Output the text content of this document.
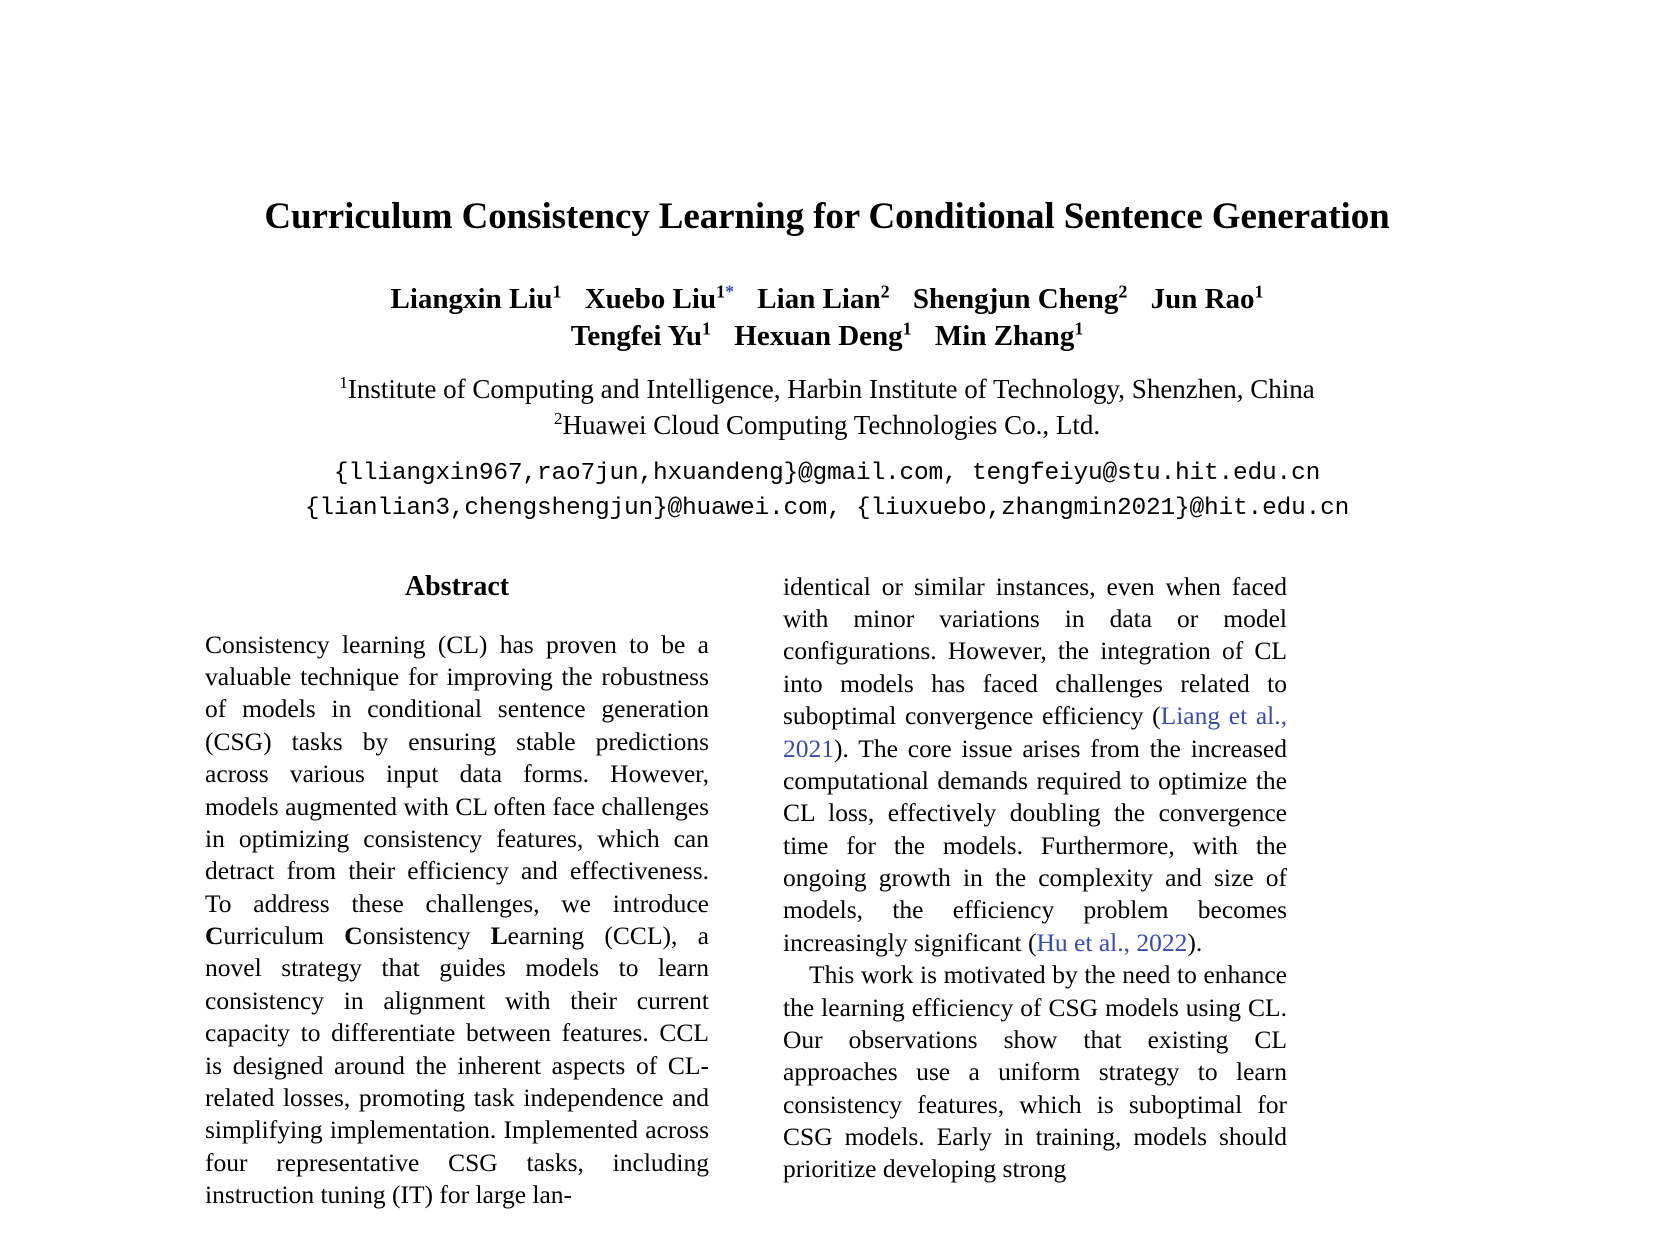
Curriculum Consistency Learning for Conditional Sentence Generation
Liangxin Liu$^1$ Xuebo Liu$^{1*}$ Lian Lian$^2$ Shengjun Cheng$^2$ Jun Rao$^1$
Tengfei Yu$^1$ Hexuan Deng$^1$ Min Zhang$^1$
$^1$Institute of Computing and Intelligence, Harbin Institute of Technology, Shenzhen, China
$^2$Huawei Cloud Computing Technologies Co., Ltd.
{lliangxin967,rao7jun,hxuandeng}@gmail.com, tengfeiyu@stu.hit.edu.cn
{lianlian3,chengshengjun}@huawei.com, {liuxuebo,zhangmin2021}@hit.edu.cn
Abstract

Consistency learning (CL) has proven to be a valuable technique for improving the robustness of models in conditional sentence generation (CSG) tasks by ensuring stable predictions across various input data forms. However, models augmented with CL often face challenges in optimizing consistency features, which can detract from their efficiency and effectiveness. To address these challenges, we introduce Curriculum Consistency Learning (CCL), a novel strategy that guides models to learn consistency in alignment with their current capacity to differentiate between features. CCL is designed around the inherent aspects of CL-related losses, promoting task independence and simplifying implementation. Implemented across four representative CSG tasks, including instruction tuning (IT) for large lan-

identical or similar instances, even when faced with minor variations in data or model configurations. However, the integration of CL into models has faced challenges related to suboptimal convergence efficiency (Liang et al., 2021). The core issue arises from the increased computational demands required to optimize the CL loss, effectively doubling the convergence time for the models. Furthermore, with the ongoing growth in the complexity and size of models, the efficiency problem becomes increasingly significant (Hu et al., 2022).

This work is motivated by the need to enhance the learning efficiency of CSG models using CL. Our observations show that existing CL approaches use a uniform strategy to learn consistency features, which is suboptimal for CSG models. Early in training, models should prioritize developing strong
